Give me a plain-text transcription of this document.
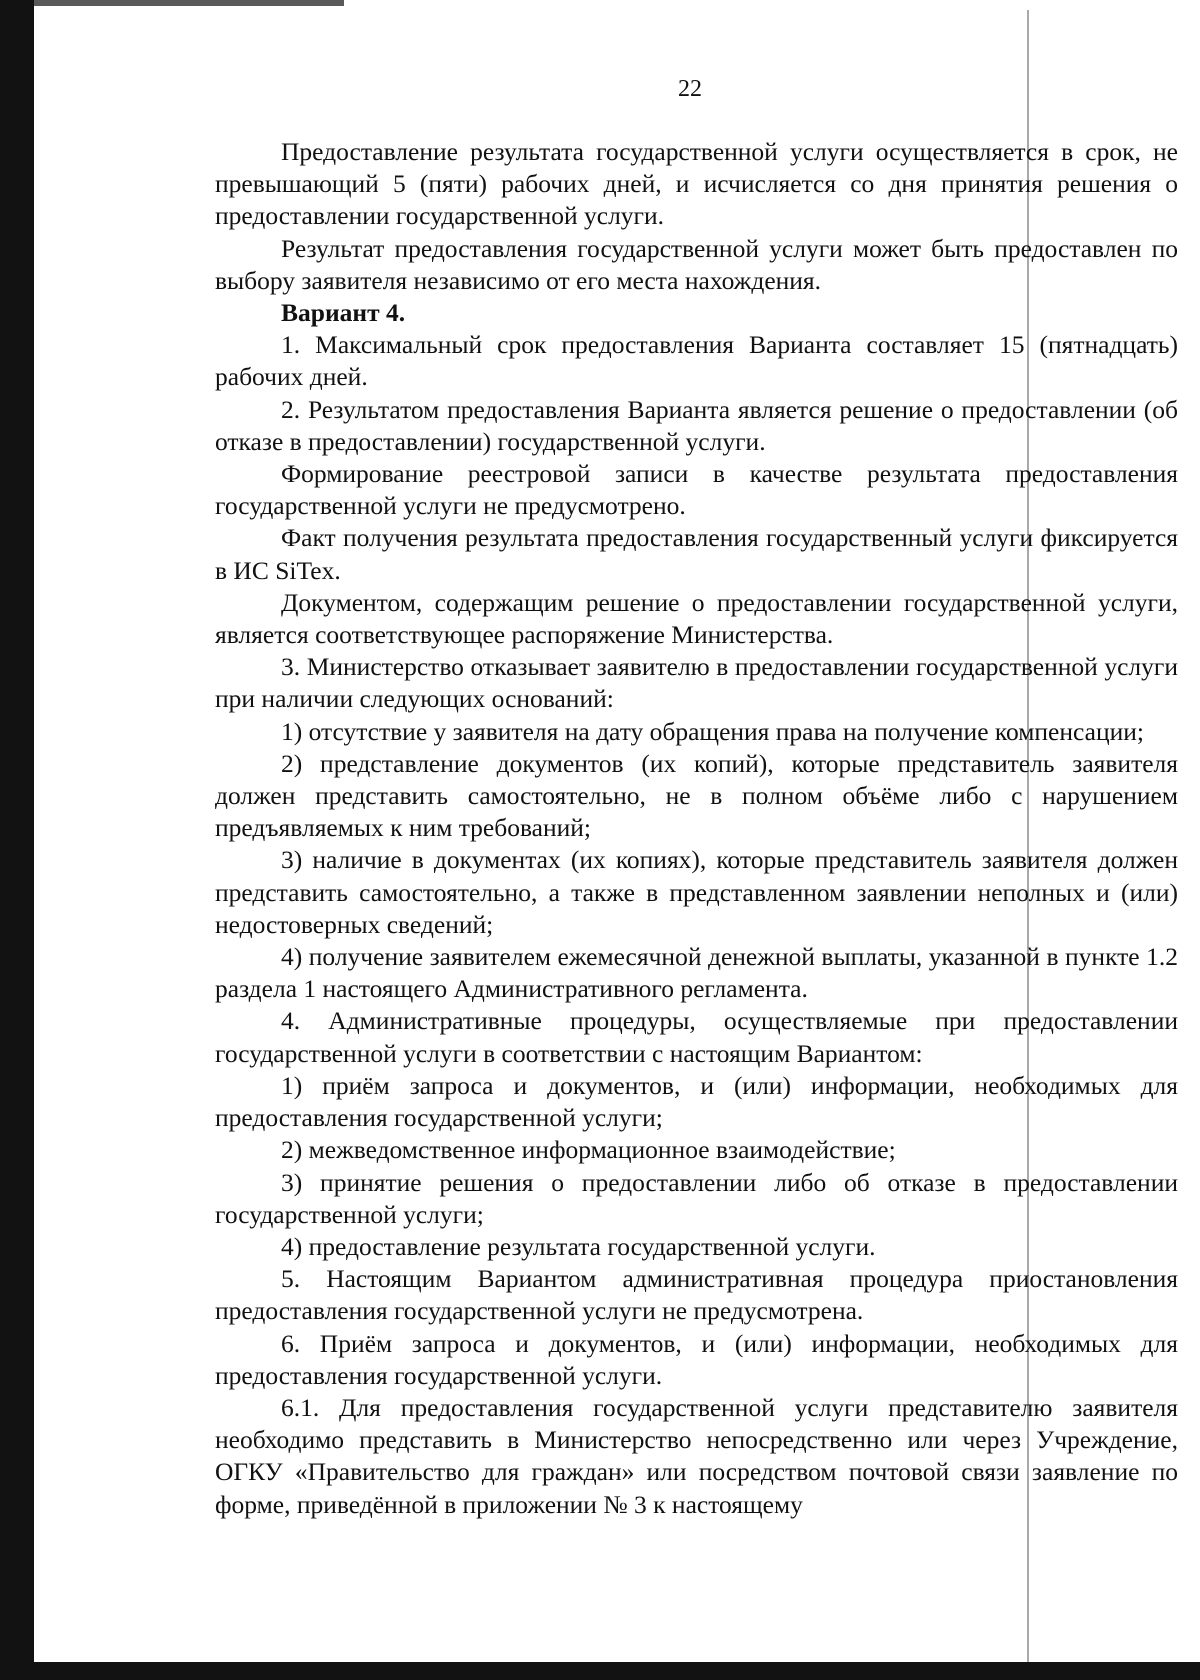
22

Предоставление результата государственной услуги осуществляется в срок, не превышающий 5 (пяти) рабочих дней, и исчисляется со дня принятия решения о предоставлении государственной услуги.

Результат предоставления государственной услуги может быть предоставлен по выбору заявителя независимо от его места нахождения.

Вариант 4.

1. Максимальный срок предоставления Варианта составляет 15 (пятнадцать) рабочих дней.

2. Результатом предоставления Варианта является решение о предоставлении (об отказе в предоставлении) государственной услуги.

Формирование реестровой записи в качестве результата предоставления государственной услуги не предусмотрено.

Факт получения результата предоставления государственный услуги фиксируется в ИС SiTex.

Документом, содержащим решение о предоставлении государственной услуги, является соответствующее распоряжение Министерства.

3. Министерство отказывает заявителю в предоставлении государственной услуги при наличии следующих оснований:

1) отсутствие у заявителя на дату обращения права на получение компенсации;

2) представление документов (их копий), которые представитель заявителя должен представить самостоятельно, не в полном объёме либо с нарушением предъявляемых к ним требований;

3) наличие в документах (их копиях), которые представитель заявителя должен представить самостоятельно, а также в представленном заявлении неполных и (или) недостоверных сведений;

4) получение заявителем ежемесячной денежной выплаты, указанной в пункте 1.2 раздела 1 настоящего Административного регламента.

4. Административные процедуры, осуществляемые при предоставлении государственной услуги в соответствии с настоящим Вариантом:

1) приём запроса и документов, и (или) информации, необходимых для предоставления государственной услуги;

2) межведомственное информационное взаимодействие;

3) принятие решения о предоставлении либо об отказе в предоставлении государственной услуги;

4) предоставление результата государственной услуги.

5. Настоящим Вариантом административная процедура приостановления предоставления государственной услуги не предусмотрена.

6. Приём запроса и документов, и (или) информации, необходимых для предоставления государственной услуги.

6.1. Для предоставления государственной услуги представителю заявителя необходимо представить в Министерство непосредственно или через Учреждение, ОГКУ «Правительство для граждан» или посредством почтовой связи заявление по форме, приведённой в приложении № 3 к настоящему
